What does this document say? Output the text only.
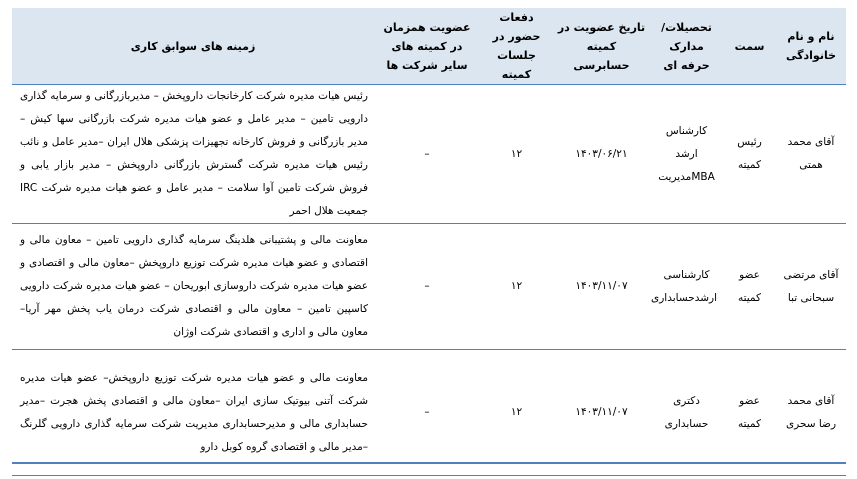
نام و نام خانوادگی	سمت	تحصیلات/ مدارک حرفه ای	تاریخ عضویت در کمیته حسابرسی	دفعات حضور در جلسات کمیته	عضویت همزمان در کمیته های سایر شرکت ها	زمینه های سوابق کاری
آقای محمد همتی	رئیس کمیته	کارشناس ارشد MBAمدیریت	۱۴۰۳/۰۶/۲۱	۱۲	–	رئیس هیات مدیره شرکت کارخانجات داروپخش – مدیربازرگانی و سرمایه گذاری دارویی تامین – مدیر عامل و عضو هیات مدیره شرکت بازرگانی سها کیش – مدیر بازرگانی و فروش کارخانه تجهیزات پزشکی هلال ایران –مدیر عامل و نائب رئیس هیات مدیره شرکت گسترش بازرگانی داروپخش – مدیر بازار یابی و فروش شرکت تامین آوا سلامت – مدیر عامل و عضو هیات مدیره شرکت IRC جمعیت هلال احمر
آقای مرتضی سبحانی تبا	عضو کمیته	کارشناسی ارشدحسابداری	۱۴۰۳/۱۱/۰۷	۱۲	–	معاونت مالی و پشتیبانی هلدینگ سرمایه گذاری دارویی تامین – معاون مالی و اقتصادی و عضو هیات مدیره شرکت توزیع داروپخش –معاون مالی و اقتصادی و عضو هیات مدیره شرکت داروسازی ابوریحان – عضو هیات مدیره شرکت دارویی کاسپین تامین – معاون مالی و اقتصادی شرکت درمان یاب پخش مهر آریا– معاون مالی و اداری و اقتصادی شرکت اوژان
آقای محمد رضا سحری	عضو کمیته	دکتری حسابداری	۱۴۰۳/۱۱/۰۷	۱۲	–	معاونت مالی و عضو هیات مدیره شرکت توزیع داروپخش– عضو هیات مدیره شرکت آتنی بیوتیک سازی ایران –معاون مالی و اقتصادی پخش هجرت –مدیر حسابداری مالی و مدیرحسابداری مدیریت شرکت سرمایه گذاری دارویی گلرنگ –مدیر مالی و اقتصادی گروه کوبل دارو
